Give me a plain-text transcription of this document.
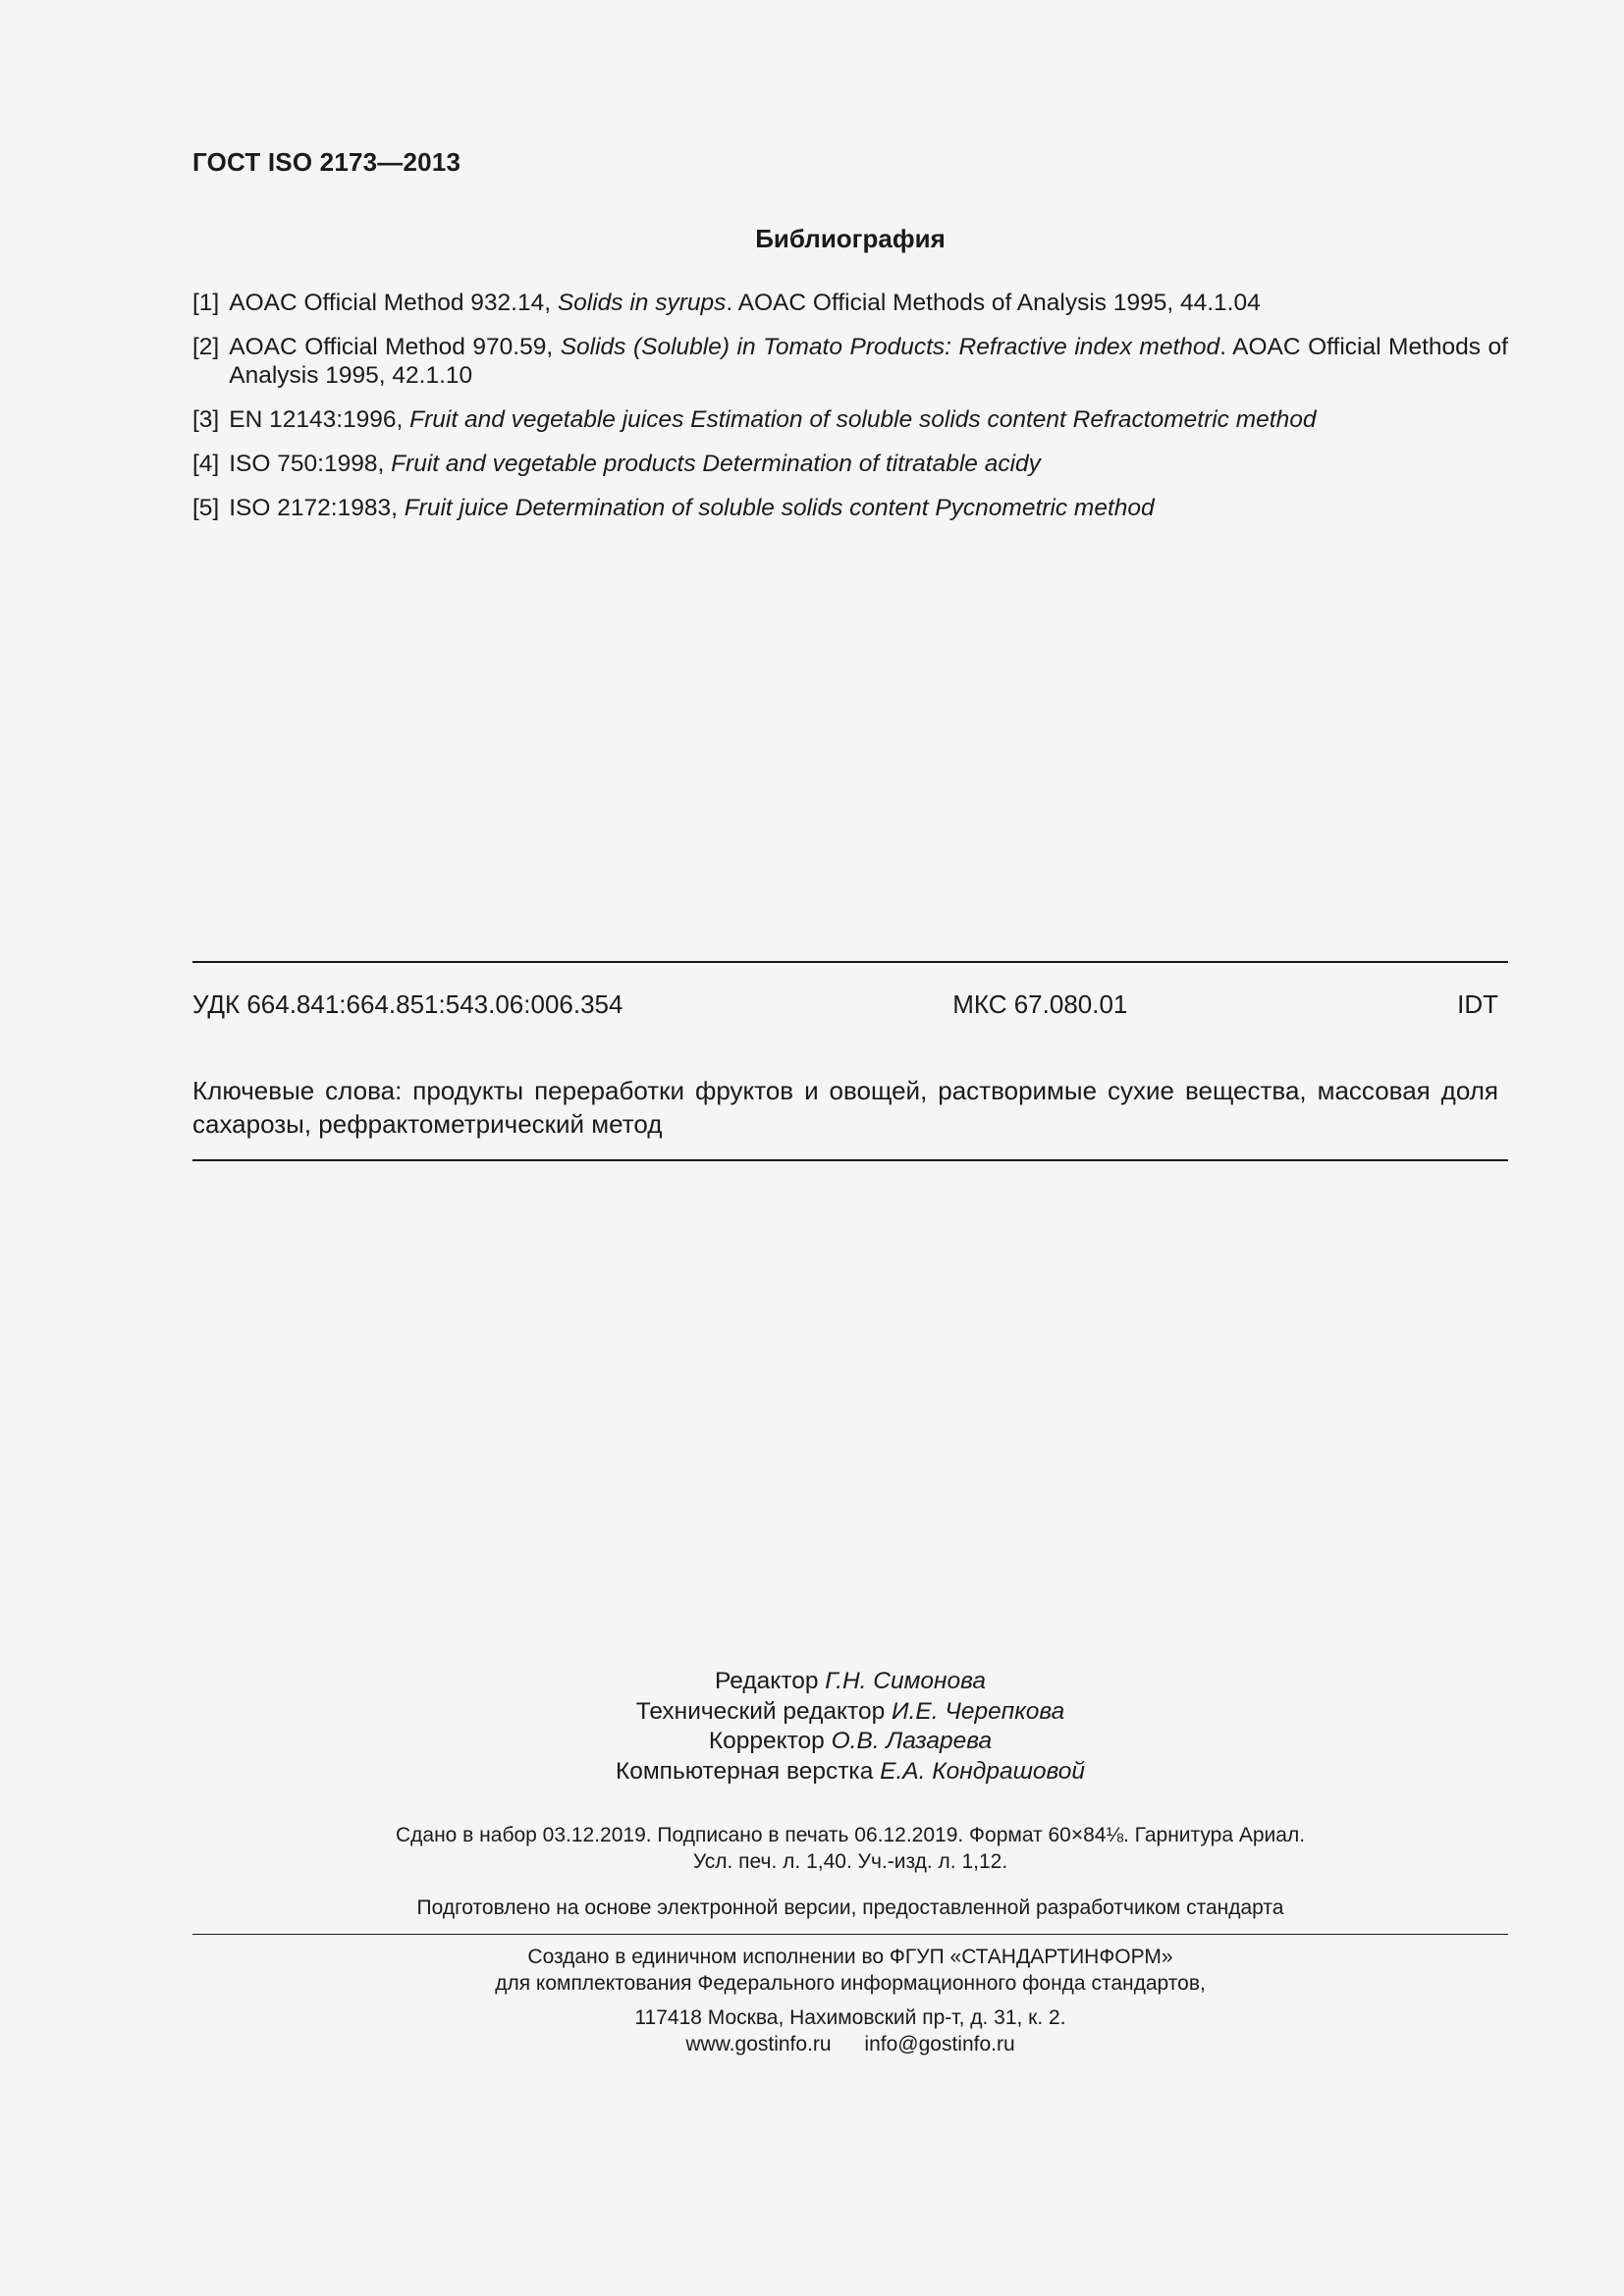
ГОСТ ISO 2173—2013
Библиография
[1] AOAC Official Method 932.14, Solids in syrups. AOAC Official Methods of Analysis 1995, 44.1.04
[2] AOAC Official Method 970.59, Solids (Soluble) in Tomato Products: Refractive index method. AOAC Official Methods of Analysis 1995, 42.1.10
[3] EN 12143:1996, Fruit and vegetable juices Estimation of soluble solids content Refractometric method
[4] ISO 750:1998, Fruit and vegetable products Determination of titratable acidy
[5] ISO 2172:1983, Fruit juice Determination of soluble solids content Pycnometric method
УДК 664.841:664.851:543.06:006.354	МКС 67.080.01	IDT
Ключевые слова: продукты переработки фруктов и овощей, растворимые сухие вещества, массовая доля сахарозы, рефрактометрический метод
Редактор Г.Н. Симонова
Технический редактор И.Е. Черепкова
Корректор О.В. Лазарева
Компьютерная верстка Е.А. Кондрашовой
Сдано в набор 03.12.2019. Подписано в печать 06.12.2019. Формат 60×84⅛. Гарнитура Ариал.
Усл. печ. л. 1,40. Уч.-изд. л. 1,12.
Подготовлено на основе электронной версии, предоставленной разработчиком стандарта
Создано в единичном исполнении во ФГУП «СТАНДАРТИНФОРМ»
для комплектования Федерального информационного фонда стандартов,
117418 Москва, Нахимовский пр-т, д. 31, к. 2.
www.gostinfo.ru info@gostinfo.ru
